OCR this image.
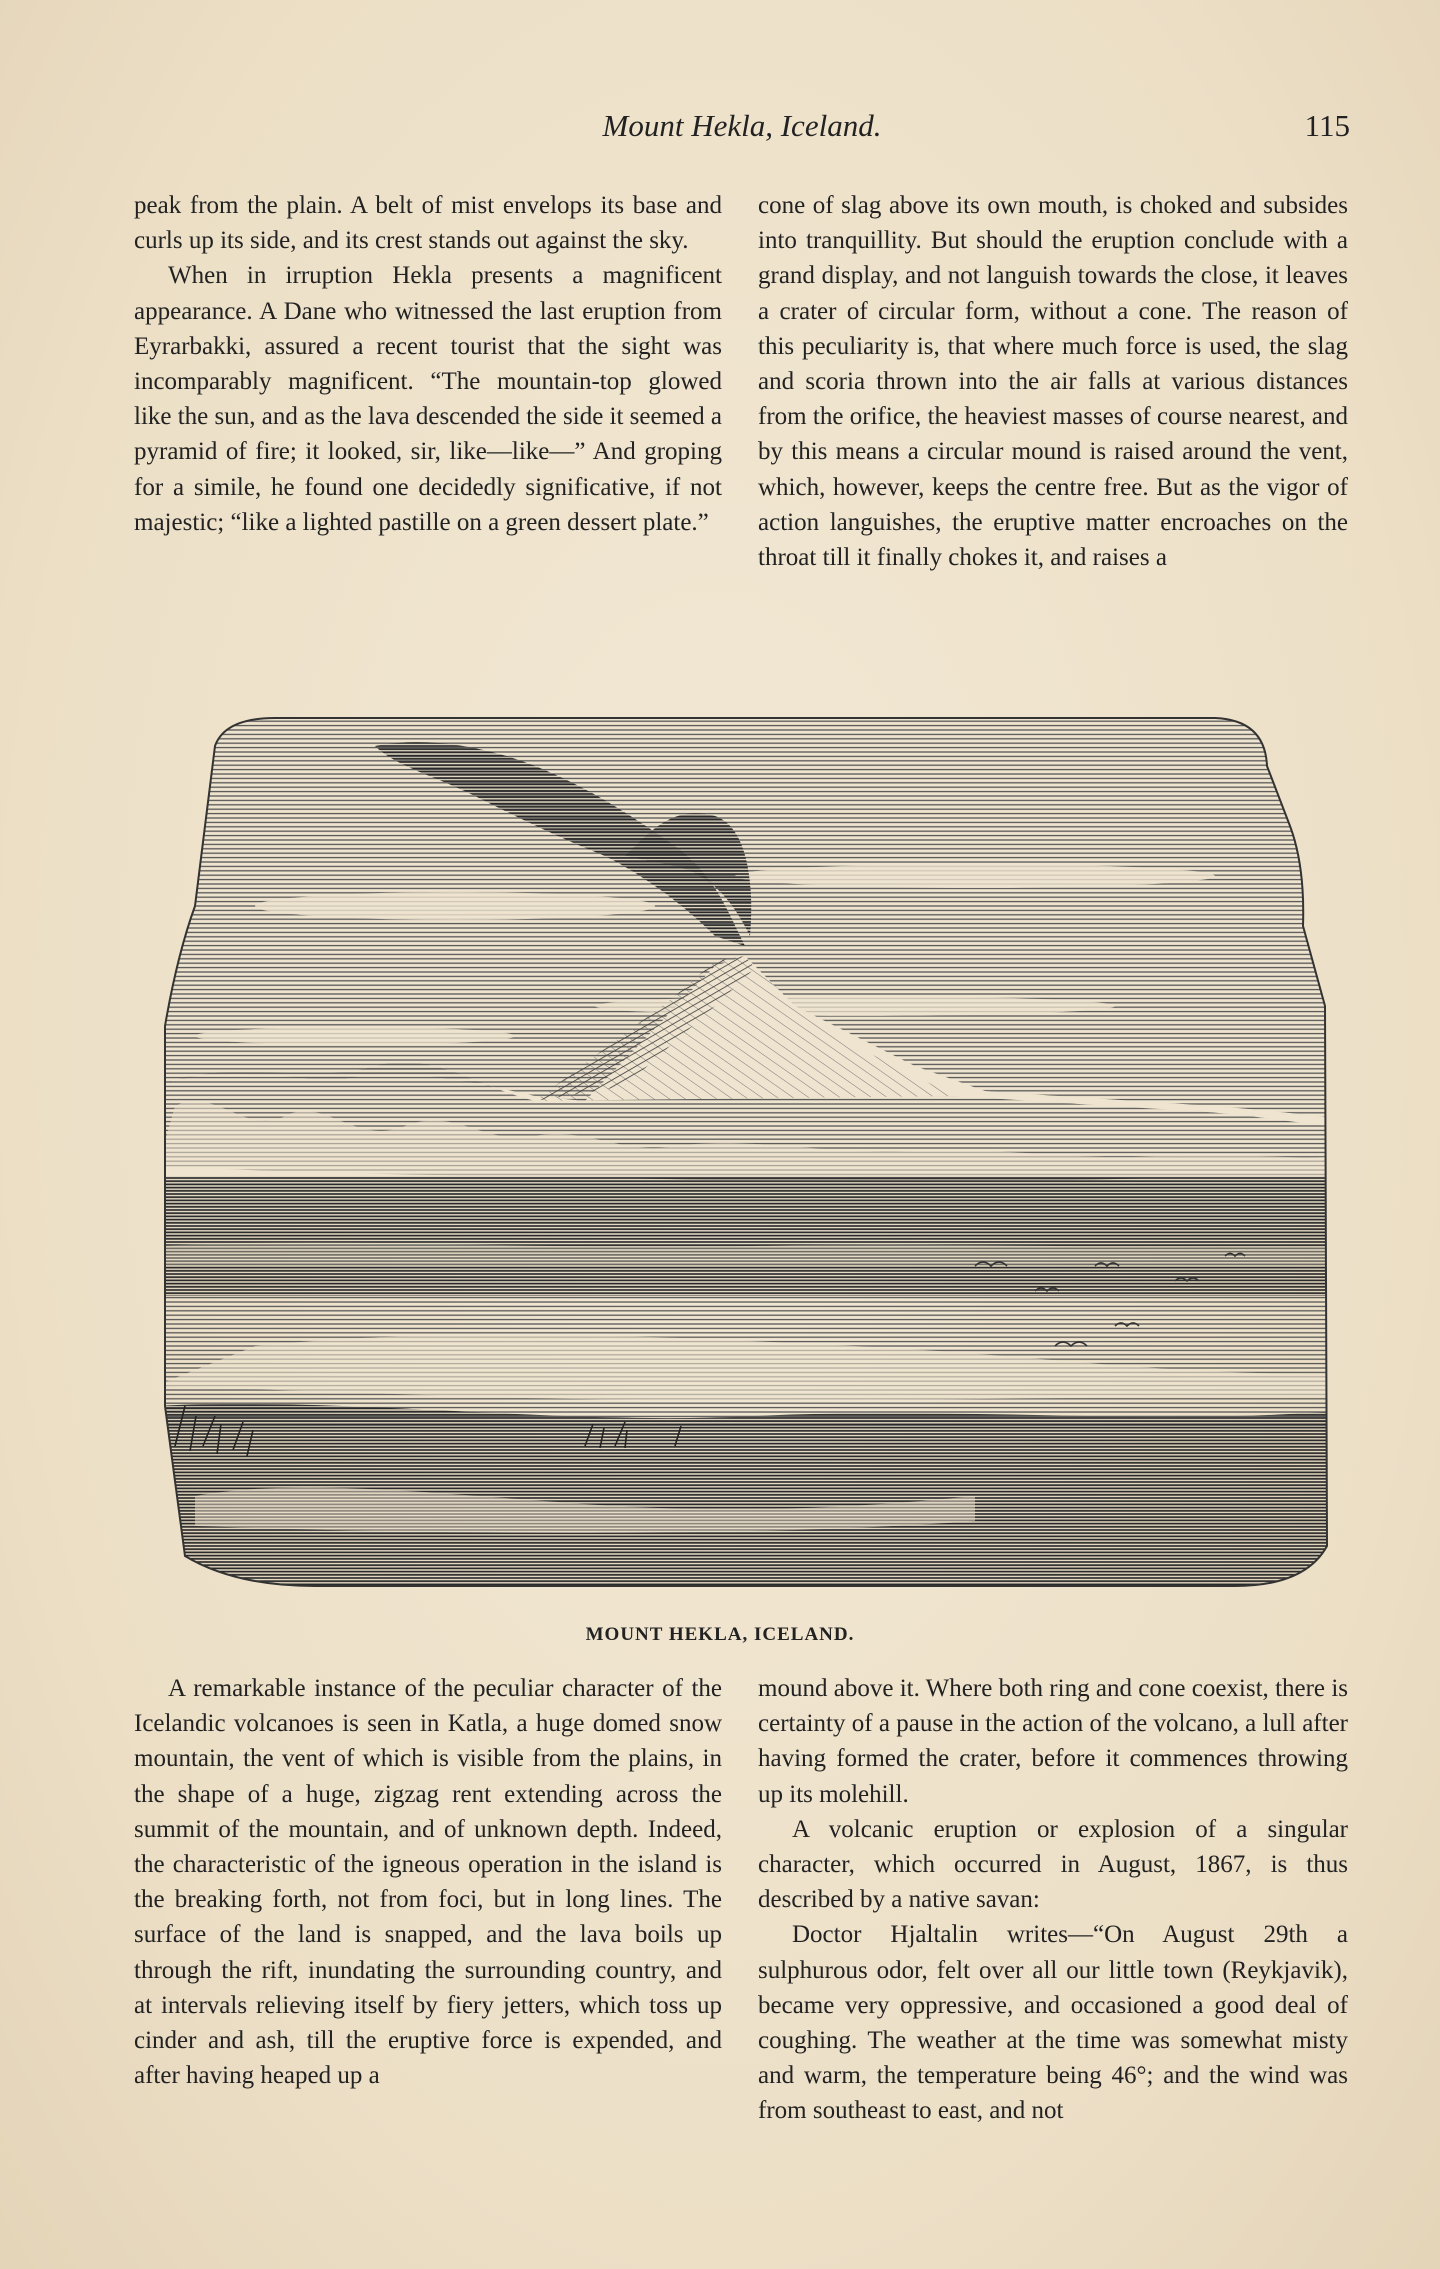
Mount Hekla, Iceland.	115

peak from the plain. A belt of mist envelops its base and curls up its side, and its crest stands out against the sky.

When in irruption Hekla presents a magnificent appearance. A Dane who witnessed the last eruption from Eyrarbakki, assured a recent tourist that the sight was incomparably magnificent. “The mountain-top glowed like the sun, and as the lava descended the side it seemed a pyramid of fire; it looked, sir, like—like—” And groping for a simile, he found one decidedly significative, if not majestic; “like a lighted pastille on a green dessert plate.”

cone of slag above its own mouth, is choked and subsides into tranquillity. But should the eruption conclude with a grand display, and not languish towards the close, it leaves a crater of circular form, without a cone. The reason of this peculiarity is, that where much force is used, the slag and scoria thrown into the air falls at various distances from the orifice, the heaviest masses of course nearest, and by this means a circular mound is raised around the vent, which, however, keeps the centre free. But as the vigor of action languishes, the eruptive matter encroaches on the throat till it finally chokes it, and raises a

MOUNT HEKLA, ICELAND.

A remarkable instance of the peculiar character of the Icelandic volcanoes is seen in Katla, a huge domed snow mountain, the vent of which is visible from the plains, in the shape of a huge, zigzag rent extending across the summit of the mountain, and of unknown depth. Indeed, the characteristic of the igneous operation in the island is the breaking forth, not from foci, but in long lines. The surface of the land is snapped, and the lava boils up through the rift, inundating the surrounding country, and at intervals relieving itself by fiery jetters, which toss up cinder and ash, till the eruptive force is expended, and after having heaped up a

mound above it. Where both ring and cone coexist, there is certainty of a pause in the action of the volcano, a lull after having formed the crater, before it commences throwing up its molehill.

A volcanic eruption or explosion of a singular character, which occurred in August, 1867, is thus described by a native savan:

Doctor Hjaltalin writes—“On August 29th a sulphurous odor, felt over all our little town (Reykjavik), became very oppressive, and occasioned a good deal of coughing. The weather at the time was somewhat misty and warm, the temperature being 46°; and the wind was from southeast to east, and not
